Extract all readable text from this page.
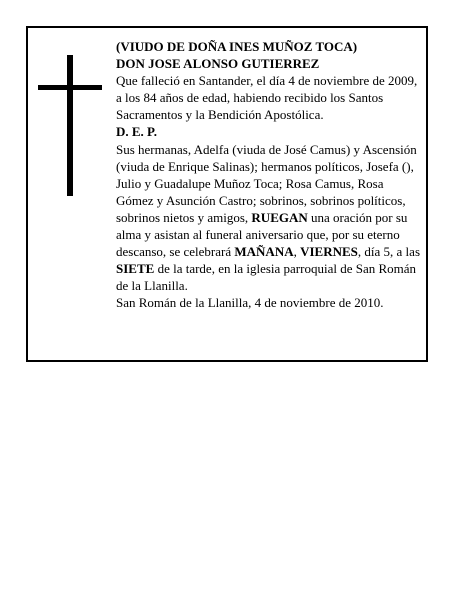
(VIUDO DE DOÑA INES MUÑOZ TOCA)

DON JOSE ALONSO GUTIERREZ

Que falleció en Santander, el día 4 de noviembre de 2009, a los 84 años de edad, habiendo recibido los Santos Sacramentos y la Bendición Apostólica.

D. E. P.

Sus hermanas, Adelfa (viuda de José Camus) y Ascensión (viuda de Enrique Salinas); hermanos políticos, Josefa (), Julio y Guadalupe Muñoz Toca; Rosa Camus, Rosa Gómez y Asunción Castro; sobrinos, sobrinos políticos, sobrinos nietos y amigos, RUEGAN una oración por su alma y asistan al funeral aniversario que, por su eterno descanso, se celebrará MAÑANA, VIERNES, día 5, a las SIETE de la tarde, en la iglesia parroquial de San Román de la Llanilla.

San Román de la Llanilla, 4 de noviembre de 2010.
